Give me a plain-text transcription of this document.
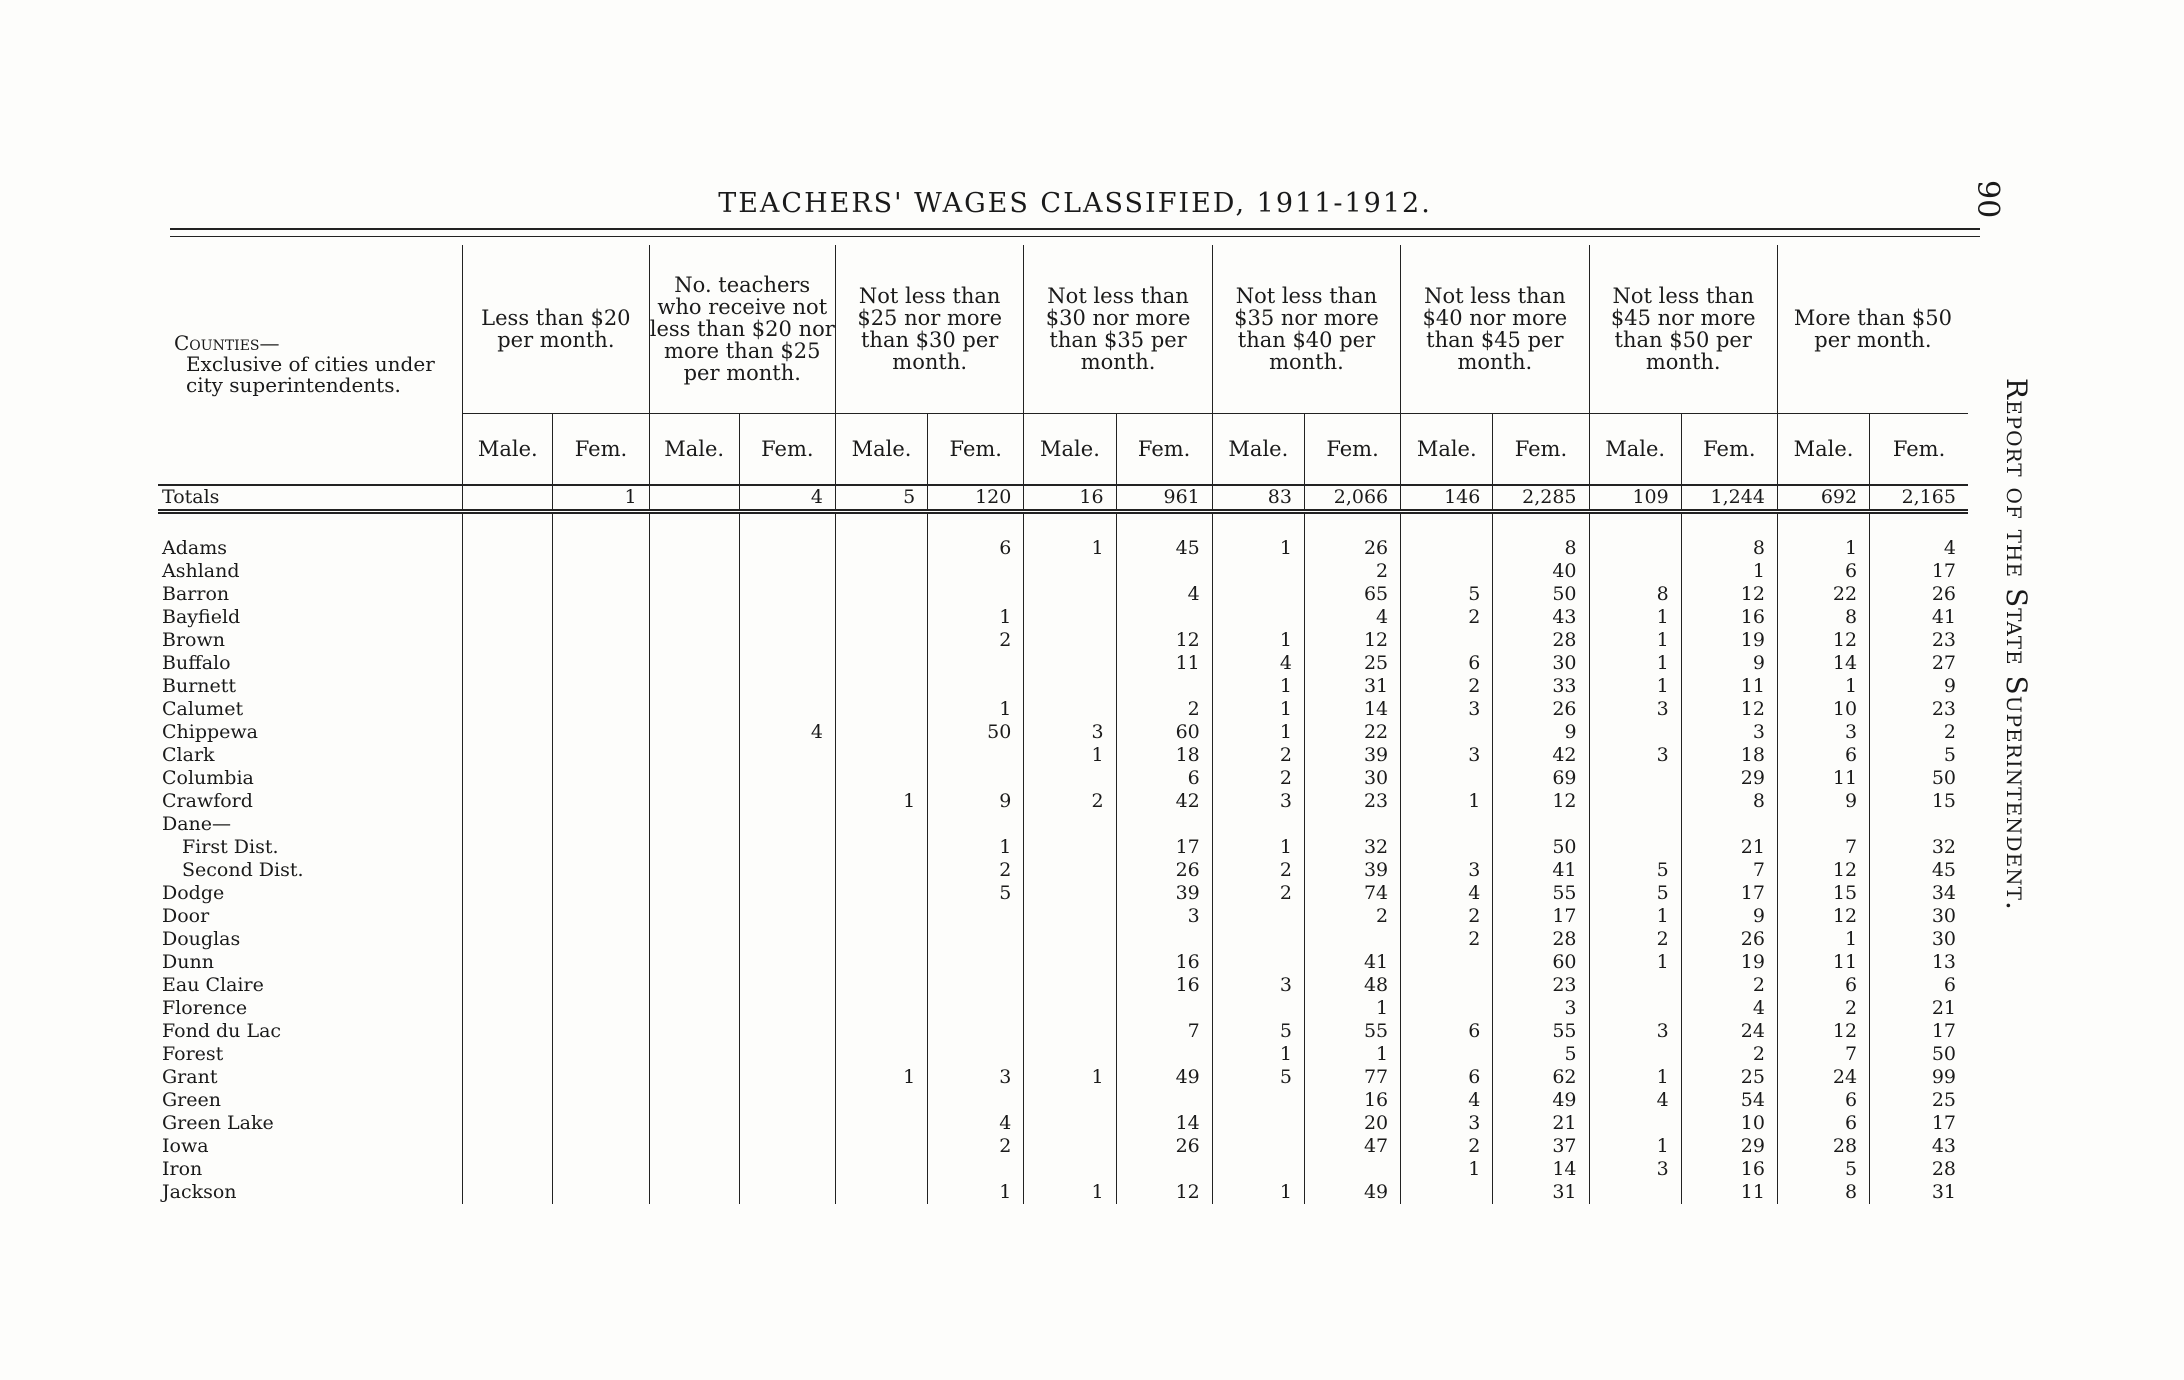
TEACHERS' WAGES CLASSIFIED, 1911-1912.	90
Report of the State Superintendent.
Counties—
Exclusive of cities under city superintendents.	Less than $20 per month.		No. teachers who receive not less than $20 nor more than $25 per month.		Not less than $25 nor more than $30 per month.		Not less than $30 nor more than $35 per month.		Not less than $35 nor more than $40 per month.		Not less than $40 nor more than $45 per month.		Not less than $45 nor more than $50 per month.		More than $50 per month.	
	Male.	Fem.	Male.	Fem.	Male.	Fem.	Male.	Fem.	Male.	Fem.	Male.	Fem.	Male.	Fem.	Male.	Fem.
Totals		1		4	5	120	16	961	83	2,066	146	2,285	109	1,244	692	2,165

Adams						6	1	45	1	26		8		8	1	4
Ashland										2		40		1	6	17
Barron								4		65	5	50	8	12	22	26
Bayfield						1				4	2	43	1	16	8	41
Brown						2		12	1	12		28	1	19	12	23
Buffalo								11	4	25	6	30	1	9	14	27
Burnett									1	31	2	33	1	11	1	9
Calumet						1		2	1	14	3	26	3	12	10	23
Chippewa				4		50	3	60	1	22		9		3	3	2
Clark							1	18	2	39	3	42	3	18	6	5
Columbia								6	2	30		69		29	11	50
Crawford					1	9	2	42	3	23	1	12		8	9	15
Dane—																
First Dist.						1		17	1	32		50		21	7	32
Second Dist.						2		26	2	39	3	41	5	7	12	45
Dodge						5		39	2	74	4	55	5	17	15	34
Door								3		2	2	17	1	9	12	30
Douglas											2	28	2	26	1	30
Dunn								16		41		60	1	19	11	13
Eau Claire								16	3	48		23		2	6	6
Florence										1		3		4	2	21
Fond du Lac								7	5	55	6	55	3	24	12	17
Forest									1	1		5		2	7	50
Grant					1	3	1	49	5	77	6	62	1	25	24	99
Green										16	4	49	4	54	6	25
Green Lake						4		14		20	3	21		10	6	17
Iowa						2		26		47	2	37	1	29	28	43
Iron											1	14	3	16	5	28
Jackson						1	1	12	1	49		31		11	8	31
